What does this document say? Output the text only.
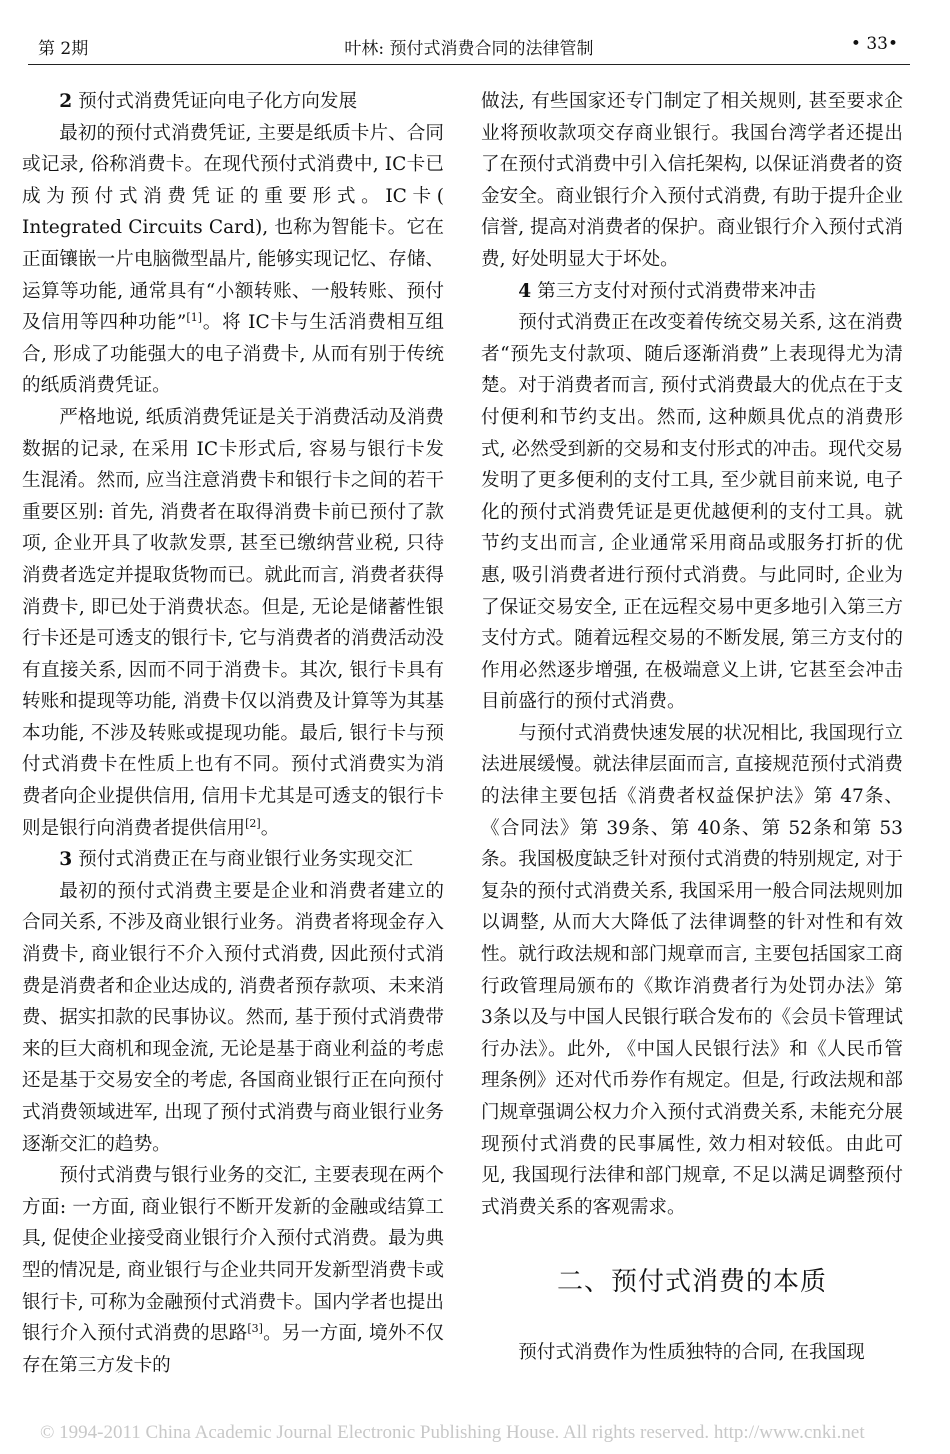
第 2期	叶林: 预付式消费合同的法律管制	• 33•
2 预付式消费凭证向电子化方向发展

最初的预付式消费凭证, 主要是纸质卡片、合同或记录, 俗称消费卡。在现代预付式消费中, IC卡已成为预付式消费凭证的重要形式。IC卡( Integrated Circuits Card), 也称为智能卡。它在正面镶嵌一片电脑微型晶片, 能够实现记忆、存储、运算等功能, 通常具有“小额转账、一般转账、预付及信用等四种功能”[1]。将 IC卡与生活消费相互组合, 形成了功能强大的电子消费卡, 从而有别于传统的纸质消费凭证。

严格地说, 纸质消费凭证是关于消费活动及消费数据的记录, 在采用 IC卡形式后, 容易与银行卡发生混淆。然而, 应当注意消费卡和银行卡之间的若干重要区别: 首先, 消费者在取得消费卡前已预付了款项, 企业开具了收款发票, 甚至已缴纳营业税, 只待消费者选定并提取货物而已。就此而言, 消费者获得消费卡, 即已处于消费状态。但是, 无论是储蓄性银行卡还是可透支的银行卡, 它与消费者的消费活动没有直接关系, 因而不同于消费卡。其次, 银行卡具有转账和提现等功能, 消费卡仅以消费及计算等为其基本功能, 不涉及转账或提现功能。最后, 银行卡与预付式消费卡在性质上也有不同。预付式消费实为消费者向企业提供信用, 信用卡尤其是可透支的银行卡则是银行向消费者提供信用[2]。

3 预付式消费正在与商业银行业务实现交汇

最初的预付式消费主要是企业和消费者建立的合同关系, 不涉及商业银行业务。消费者将现金存入消费卡, 商业银行不介入预付式消费, 因此预付式消费是消费者和企业达成的, 消费者预存款项、未来消费、据实扣款的民事协议。然而, 基于预付式消费带来的巨大商机和现金流, 无论是基于商业利益的考虑还是基于交易安全的考虑, 各国商业银行正在向预付式消费领域进军, 出现了预付式消费与商业银行业务逐渐交汇的趋势。

预付式消费与银行业务的交汇, 主要表现在两个方面: 一方面, 商业银行不断开发新的金融或结算工具, 促使企业接受商业银行介入预付式消费。最为典型的情况是, 商业银行与企业共同开发新型消费卡或银行卡, 可称为金融预付式消费卡。国内学者也提出银行介入预付式消费的思路[3]。另一方面, 境外不仅存在第三方发卡的

做法, 有些国家还专门制定了相关规则, 甚至要求企业将预收款项交存商业银行。我国台湾学者还提出了在预付式消费中引入信托架构, 以保证消费者的资金安全。商业银行介入预付式消费, 有助于提升企业信誉, 提高对消费者的保护。商业银行介入预付式消费, 好处明显大于坏处。

4 第三方支付对预付式消费带来冲击

预付式消费正在改变着传统交易关系, 这在消费者“预先支付款项、随后逐渐消费”上表现得尤为清楚。对于消费者而言, 预付式消费最大的优点在于支付便利和节约支出。然而, 这种颇具优点的消费形式, 必然受到新的交易和支付形式的冲击。现代交易发明了更多便利的支付工具, 至少就目前来说, 电子化的预付式消费凭证是更优越便利的支付工具。就节约支出而言, 企业通常采用商品或服务打折的优惠, 吸引消费者进行预付式消费。与此同时, 企业为了保证交易安全, 正在远程交易中更多地引入第三方支付方式。随着远程交易的不断发展, 第三方支付的作用必然逐步增强, 在极端意义上讲, 它甚至会冲击目前盛行的预付式消费。

与预付式消费快速发展的状况相比, 我国现行立法进展缓慢。就法律层面而言, 直接规范预付式消费的法律主要包括《消费者权益保护法》第 47条、《合同法》第 39条、第 40条、第 52条和第 53条。我国极度缺乏针对预付式消费的特别规定, 对于复杂的预付式消费关系, 我国采用一般合同法规则加以调整, 从而大大降低了法律调整的针对性和有效性。就行政法规和部门规章而言, 主要包括国家工商行政管理局颁布的《欺诈消费者行为处罚办法》第 3条以及与中国人民银行联合发布的《会员卡管理试行办法》。此外, 《中国人民银行法》和《人民币管理条例》还对代币券作有规定。但是, 行政法规和部门规章强调公权力介入预付式消费关系, 未能充分展现预付式消费的民事属性, 效力相对较低。由此可见, 我国现行法律和部门规章, 不足以满足调整预付式消费关系的客观需求。

二、预付式消费的本质

预付式消费作为性质独特的合同, 在我国现

© 1994-2011 China Academic Journal Electronic Publishing House. All rights reserved. http://www.cnki.net
